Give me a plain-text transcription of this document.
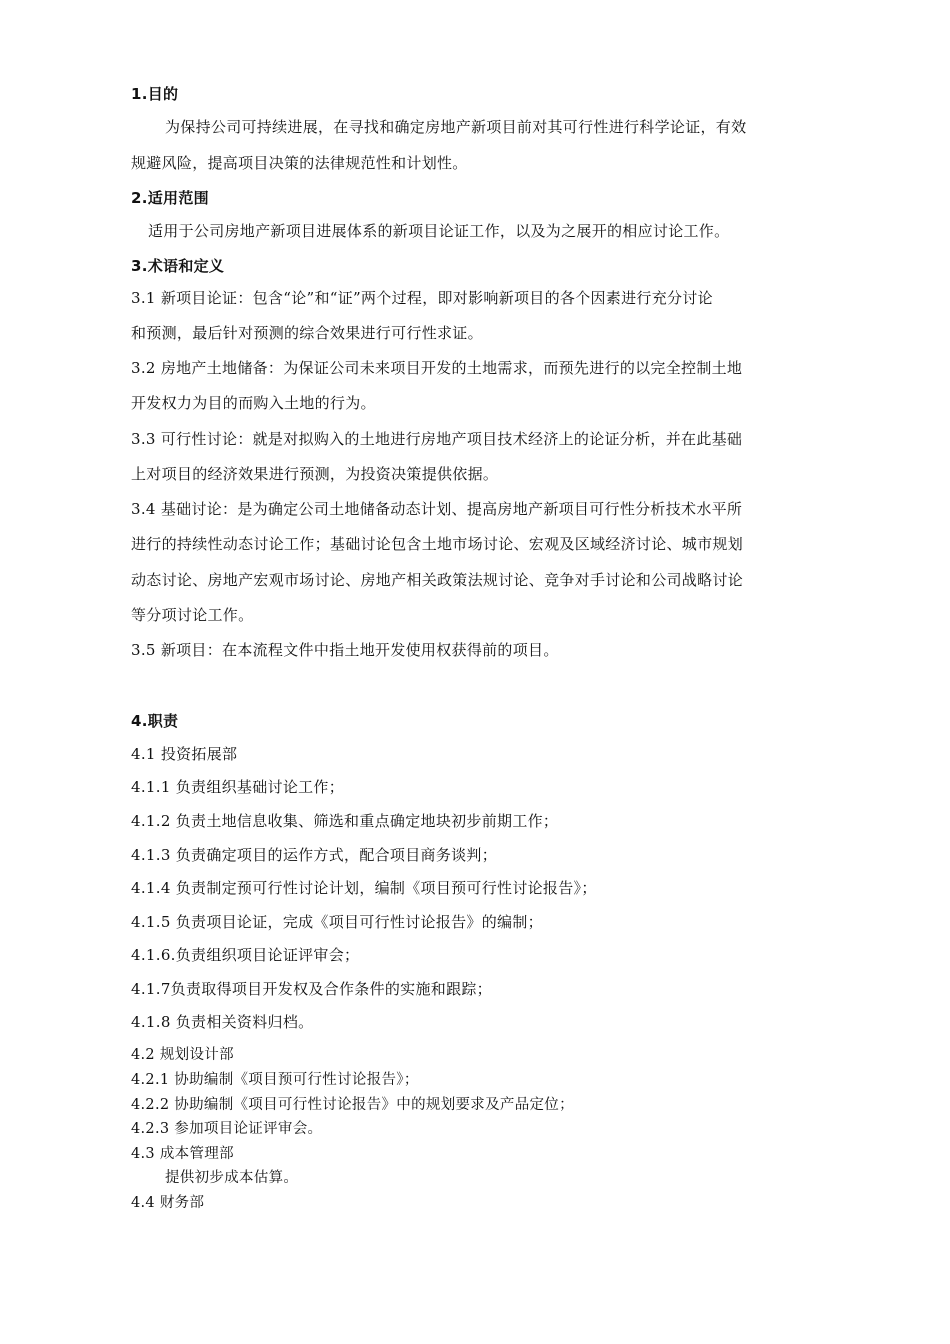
1.目的
为保持公司可持续进展，在寻找和确定房地产新项目前对其可行性进行科学论证，有效
规避风险，提高项目决策的法律规范性和计划性。
2.适用范围
适用于公司房地产新项目进展体系的新项目论证工作，以及为之展开的相应讨论工作。
3.术语和定义
3.1 新项目论证：包含“论”和“证”两个过程，即对影响新项目的各个因素进行充分讨论
和预测，最后针对预测的综合效果进行可行性求证。
3.2 房地产土地储备：为保证公司未来项目开发的土地需求，而预先进行的以完全控制土地
开发权力为目的而购入土地的行为。
3.3 可行性讨论：就是对拟购入的土地进行房地产项目技术经济上的论证分析，并在此基础
上对项目的经济效果进行预测，为投资决策提供依据。
3.4 基础讨论：是为确定公司土地储备动态计划、提高房地产新项目可行性分析技术水平所
进行的持续性动态讨论工作；基础讨论包含土地市场讨论、宏观及区域经济讨论、城市规划
动态讨论、房地产宏观市场讨论、房地产相关政策法规讨论、竞争对手讨论和公司战略讨论
等分项讨论工作。
3.5 新项目：在本流程文件中指土地开发使用权获得前的项目。
4.职责
4.1 投资拓展部
4.1.1 负责组织基础讨论工作；
4.1.2 负责土地信息收集、筛选和重点确定地块初步前期工作；
4.1.3 负责确定项目的运作方式，配合项目商务谈判；
4.1.4 负责制定预可行性讨论计划，编制《项目预可行性讨论报告》；
4.1.5 负责项目论证，完成《项目可行性讨论报告》的编制；
4.1.6.负责组织项目论证评审会；
4.1.7负责取得项目开发权及合作条件的实施和跟踪；
4.1.8 负责相关资料归档。
4.2 规划设计部
4.2.1 协助编制《项目预可行性讨论报告》；
4.2.2 协助编制《项目可行性讨论报告》中的规划要求及产品定位；
4.2.3 参加项目论证评审会。
4.3 成本管理部
提供初步成本估算。
4.4 财务部
